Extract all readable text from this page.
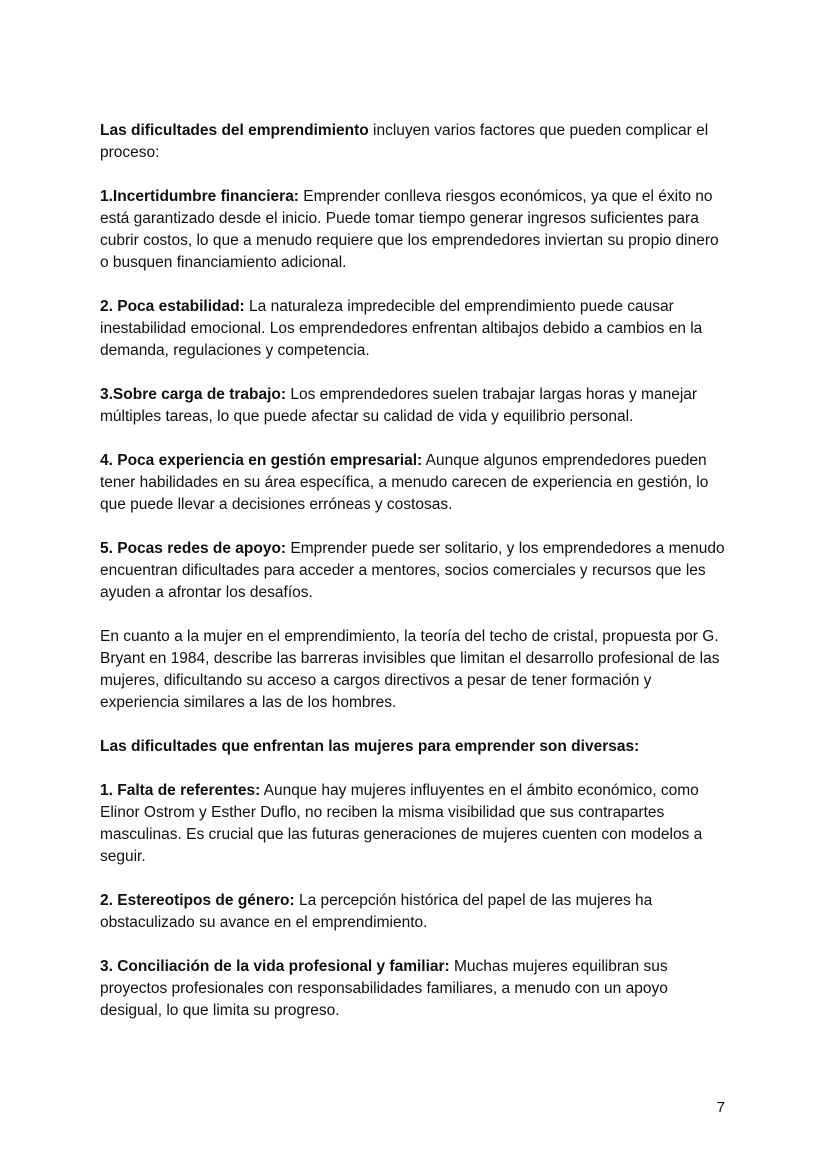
Las dificultades del emprendimiento incluyen varios factores que pueden complicar el proceso:

1.Incertidumbre financiera: Emprender conlleva riesgos económicos, ya que el éxito no está garantizado desde el inicio. Puede tomar tiempo generar ingresos suficientes para cubrir costos, lo que a menudo requiere que los emprendedores inviertan su propio dinero o busquen financiamiento adicional.

2. Poca estabilidad: La naturaleza impredecible del emprendimiento puede causar inestabilidad emocional. Los emprendedores enfrentan altibajos debido a cambios en la demanda, regulaciones y competencia.

3.Sobre carga de trabajo: Los emprendedores suelen trabajar largas horas y manejar múltiples tareas, lo que puede afectar su calidad de vida y equilibrio personal.

4. Poca experiencia en gestión empresarial: Aunque algunos emprendedores pueden tener habilidades en su área específica, a menudo carecen de experiencia en gestión, lo que puede llevar a decisiones erróneas y costosas.

5. Pocas redes de apoyo: Emprender puede ser solitario, y los emprendedores a menudo encuentran dificultades para acceder a mentores, socios comerciales y recursos que les ayuden a afrontar los desafíos.

En cuanto a la mujer en el emprendimiento, la teoría del techo de cristal, propuesta por G. Bryant en 1984, describe las barreras invisibles que limitan el desarrollo profesional de las mujeres, dificultando su acceso a cargos directivos a pesar de tener formación y experiencia similares a las de los hombres.

Las dificultades que enfrentan las mujeres para emprender son diversas:

1. Falta de referentes: Aunque hay mujeres influyentes en el ámbito económico, como Elinor Ostrom y Esther Duflo, no reciben la misma visibilidad que sus contrapartes masculinas. Es crucial que las futuras generaciones de mujeres cuenten con modelos a seguir.

2. Estereotipos de género: La percepción histórica del papel de las mujeres ha obstaculizado su avance en el emprendimiento.

3. Conciliación de la vida profesional y familiar: Muchas mujeres equilibran sus proyectos profesionales con responsabilidades familiares, a menudo con un apoyo desigual, lo que limita su progreso.

7
